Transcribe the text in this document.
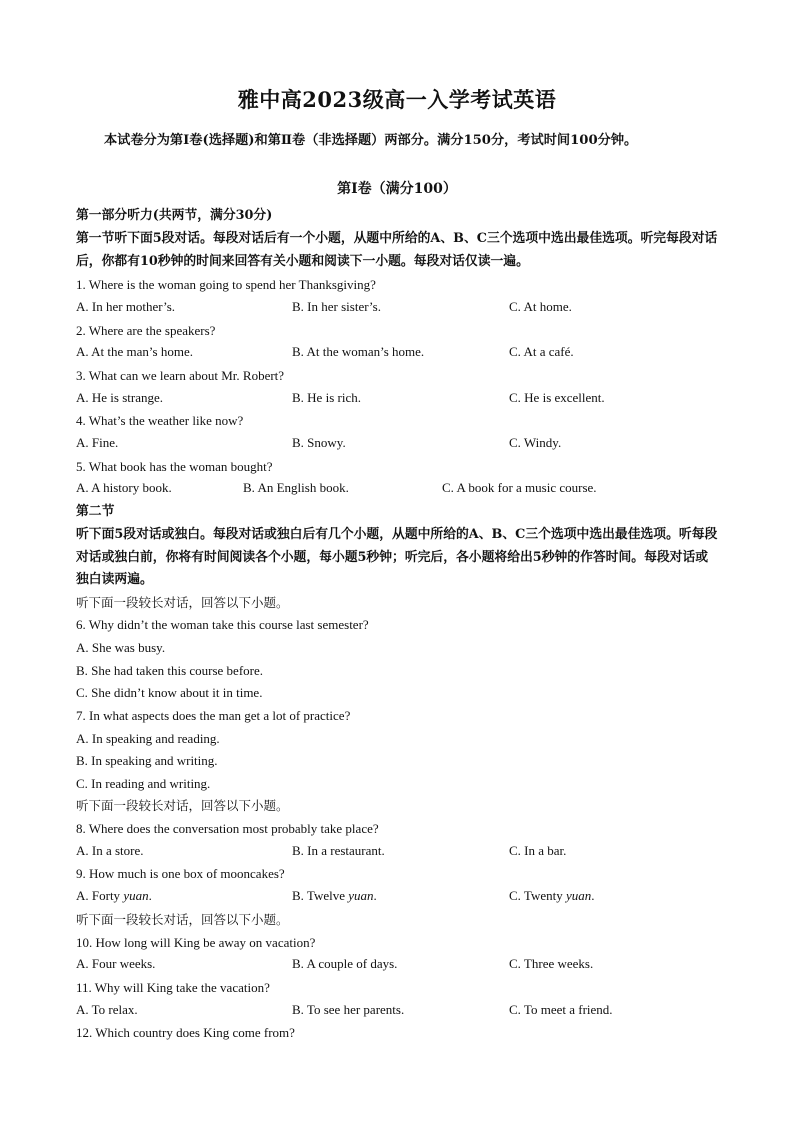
雅中高2023级高一入学考试英语
本试卷分为第Ⅰ卷(选择题)和第Ⅱ卷（非选择题）两部分。满分150分，考试时间100分钟。
第Ⅰ卷（满分100）
第一部分听力(共两节，满分30分)
第一节听下面5段对话。每段对话后有一个小题，从题中所给的A、B、C三个选项中选出最佳选项。听完每段对话后，你都有10秒钟的时间来回答有关小题和阅读下一小题。每段对话仅读一遍。
1. Where is the woman going to spend her Thanksgiving?
A. In her mother’s.	B. In her sister’s.	C. At home.
2. Where are the speakers?
A. At the man’s home.	B. At the woman’s home.	C. At a café.
3. What can we learn about Mr. Robert?
A. He is strange.	B. He is rich.	C. He is excellent.
4. What’s the weather like now?
A. Fine.	B. Snowy.	C. Windy.
5. What book has the woman bought?
A. A history book.	B. An English book.	C. A book for a music course.
第二节
听下面5段对话或独白。每段对话或独白后有几个小题，从题中所给的A、B、C三个选项中选出最佳选项。听每段对话或独白前，你将有时间阅读各个小题，每小题5秒钟；听完后，各小题将给出5秒钟的作答时间。每段对话或独白读两遍。
听下面一段较长对话，回答以下小题。
6. Why didn’t the woman take this course last semester?
A. She was busy.
B. She had taken this course before.
C. She didn’t know about it in time.
7. In what aspects does the man get a lot of practice?
A. In speaking and reading.
B. In speaking and writing.
C. In reading and writing.
听下面一段较长对话，回答以下小题。
8. Where does the conversation most probably take place?
A. In a store.	B. In a restaurant.	C. In a bar.
9. How much is one box of mooncakes?
A. Forty yuan.	B. Twelve yuan.	C. Twenty yuan.
听下面一段较长对话，回答以下小题。
10. How long will King be away on vacation?
A. Four weeks.	B. A couple of days.	C. Three weeks.
11. Why will King take the vacation?
A. To relax.	B. To see her parents.	C. To meet a friend.
12. Which country does King come from?
